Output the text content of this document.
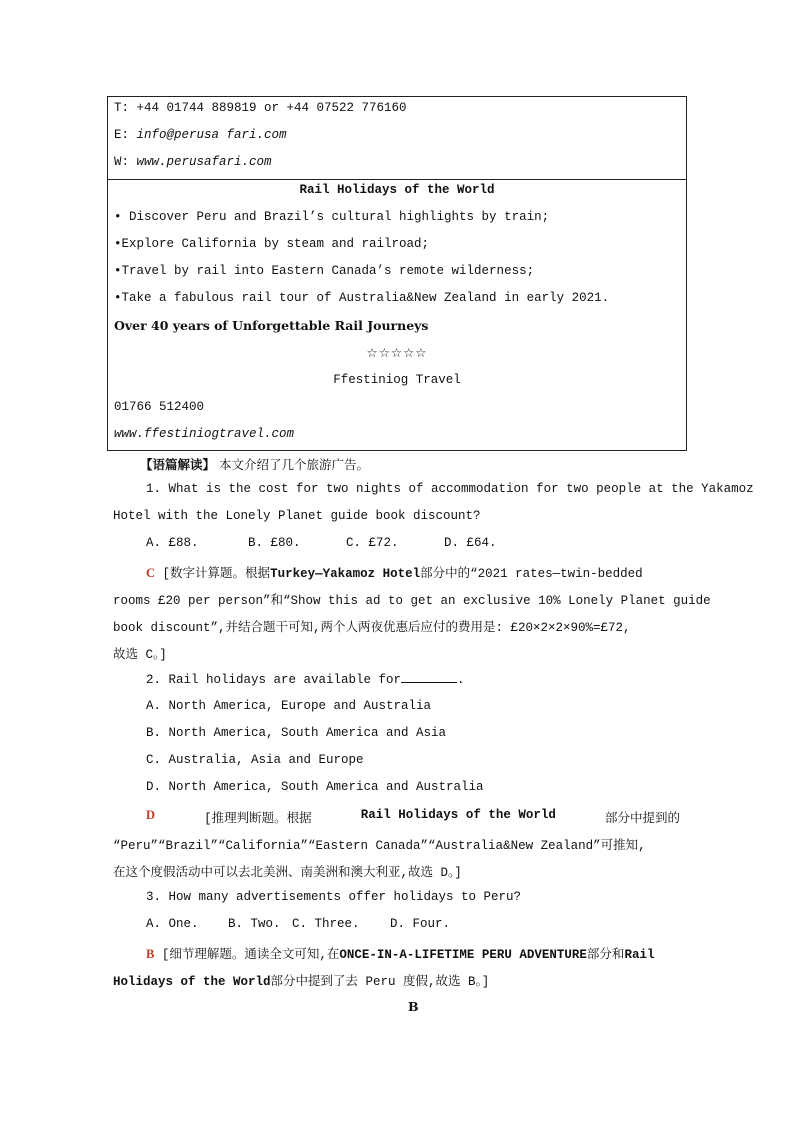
T: +44 01744 889819 or +44 07522 776160
E: info@perusa fari.com
W: www.perusafari.com
Rail Holidays of the World
• Discover Peru and Brazil’s cultural highlights by train;
•Explore California by steam and railroad;
•Travel by rail into Eastern Canada’s remote wilderness;
•Take a fabulous rail tour of Australia&New Zealand in early 2021.
Over 40 years of Unforgettable Rail Journeys
☆☆☆☆☆
Ffestiniog Travel
01766 512400
www.ffestiniogtravel.com
【语篇解读】 本文介绍了几个旅游广告。
1. What is the cost for two nights of accommodation for two people at the Yakamoz
Hotel with the Lonely Planet guide book discount?
A. £88.	B. £80.	C. £72.	D. £64.
C [数字计算题。根据Turkey—Yakamoz Hotel部分中的“2021 rates—twin-bedded
rooms £20 per person”和“Show this ad to get an exclusive 10% Lonely Planet guide
book discount”,并结合题干可知,两个人两夜优惠后应付的费用是: £20×2×2×90%=£72,
故选 C。]
2. Rail holidays are available for	.
A. North America, Europe and Australia
B. North America, South America and Asia
C. Australia, Asia and Europe
D. North America, South America and Australia
D	[推理判断题。根据	Rail Holidays of the World	部分中提到的
“Peru”“Brazil”“California”“Eastern Canada”“Australia&New Zealand”可推知,
在这个度假活动中可以去北美洲、南美洲和澳大利亚,故选 D。]
3. How many advertisements offer holidays to Peru?
A. One. B. Two. C. Three. D. Four.
B [细节理解题。通读全文可知,在ONCE-IN-A-LIFETIME PERU ADVENTURE部分和Rail
Holidays of the World部分中提到了去 Peru 度假,故选 B。]
B
